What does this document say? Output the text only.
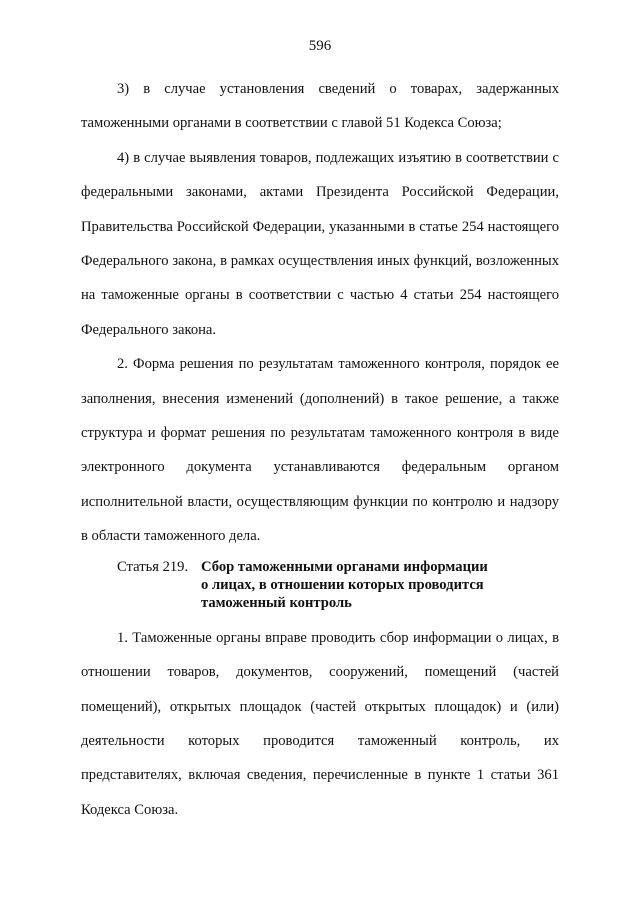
596

3) в случае установления сведений о товарах, задержанных таможенными органами в соответствии с главой 51 Кодекса Союза;

4) в случае выявления товаров, подлежащих изъятию в соответствии с федеральными законами, актами Президента Российской Федерации, Правительства Российской Федерации, указанными в статье 254 настоящего Федерального закона, в рамках осуществления иных функций, возложенных на таможенные органы в соответствии с частью 4 статьи 254 настоящего Федерального закона.

2. Форма решения по результатам таможенного контроля, порядок ее заполнения, внесения изменений (дополнений) в такое решение, а также структура и формат решения по результатам таможенного контроля в виде электронного документа устанавливаются федеральным органом исполнительной власти, осуществляющим функции по контролю и надзору в области таможенного дела.

Статья 219. Сбор таможенными органами информации
о лицах, в отношении которых проводится
таможенный контроль

1. Таможенные органы вправе проводить сбор информации о лицах, в отношении товаров, документов, сооружений, помещений (частей помещений), открытых площадок (частей открытых площадок) и (или) деятельности которых проводится таможенный контроль, их представителях, включая сведения, перечисленные в пункте 1 статьи 361 Кодекса Союза.
